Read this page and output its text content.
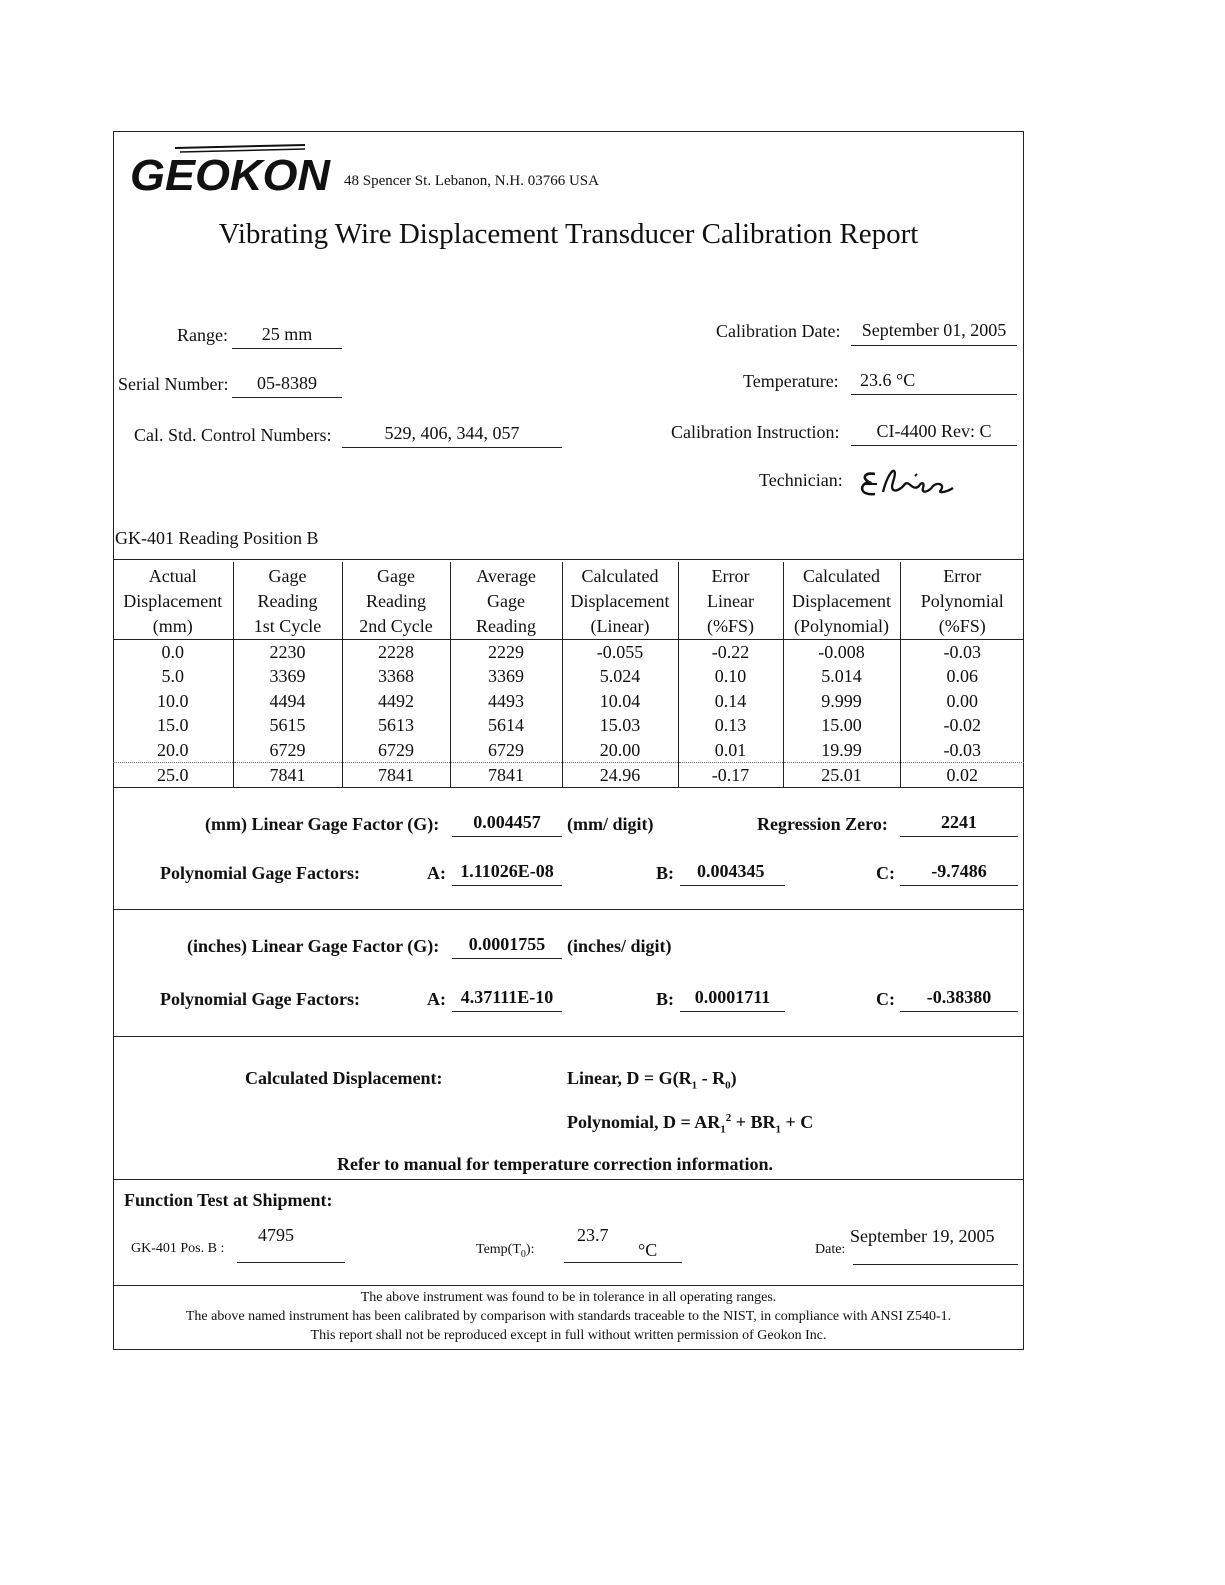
GEOKON 48 Spencer St. Lebanon, N.H. 03766 USA
Vibrating Wire Displacement Transducer Calibration Report
Range:	25 mm
Serial Number:	05-8389
Cal. Std. Control Numbers:	529, 406, 344, 057
Calibration Date:	September 01, 2005
Temperature:	23.6 °C
Calibration Instruction:	CI-4400 Rev: C
Technician:
GK-401 Reading Position B
Actual
Displacement
(mm)	Gage
Reading
1st Cycle	Gage
Reading
2nd Cycle	Average
Gage
Reading	Calculated
Displacement
(Linear)	Error
Linear
(%FS)	Calculated
Displacement
(Polynomial)	Error
Polynomial
(%FS)
0.0	2230	2228	2229	-0.055	-0.22	-0.008	-0.03
5.0	3369	3368	3369	5.024	0.10	5.014	0.06
10.0	4494	4492	4493	10.04	0.14	9.999	0.00
15.0	5615	5613	5614	15.03	0.13	15.00	-0.02
20.0	6729	6729	6729	20.00	0.01	19.99	-0.03
25.0	7841	7841	7841	24.96	-0.17	25.01	0.02
(mm) Linear Gage Factor (G):	0.004457	(mm/ digit)	Regression Zero:	2241
Polynomial Gage Factors:	A: 1.11026E-08	B:	0.004345	C:	-9.7486
(inches) Linear Gage Factor (G):	0.0001755	(inches/ digit)
Polynomial Gage Factors:	A: 4.37111E-10	B:	0.0001711	C:	-0.38380
Calculated Displacement:	Linear, $D = G(R_1 - R_0)$
Polynomial, $D = AR_1^2 + BR_1 + C$
Refer to manual for temperature correction information.
Function Test at Shipment:
GK-401 Pos. B :
4795
$Temp(T_0)$:
23.7
°C	Date:
September 19, 2005
The above instrument was found to be in tolerance in all operating ranges.
The above named instrument has been calibrated by comparison with standards traceable to the NIST, in compliance with ANSI Z540-1.
This report shall not be reproduced except in full without written permission of Geokon Inc.
